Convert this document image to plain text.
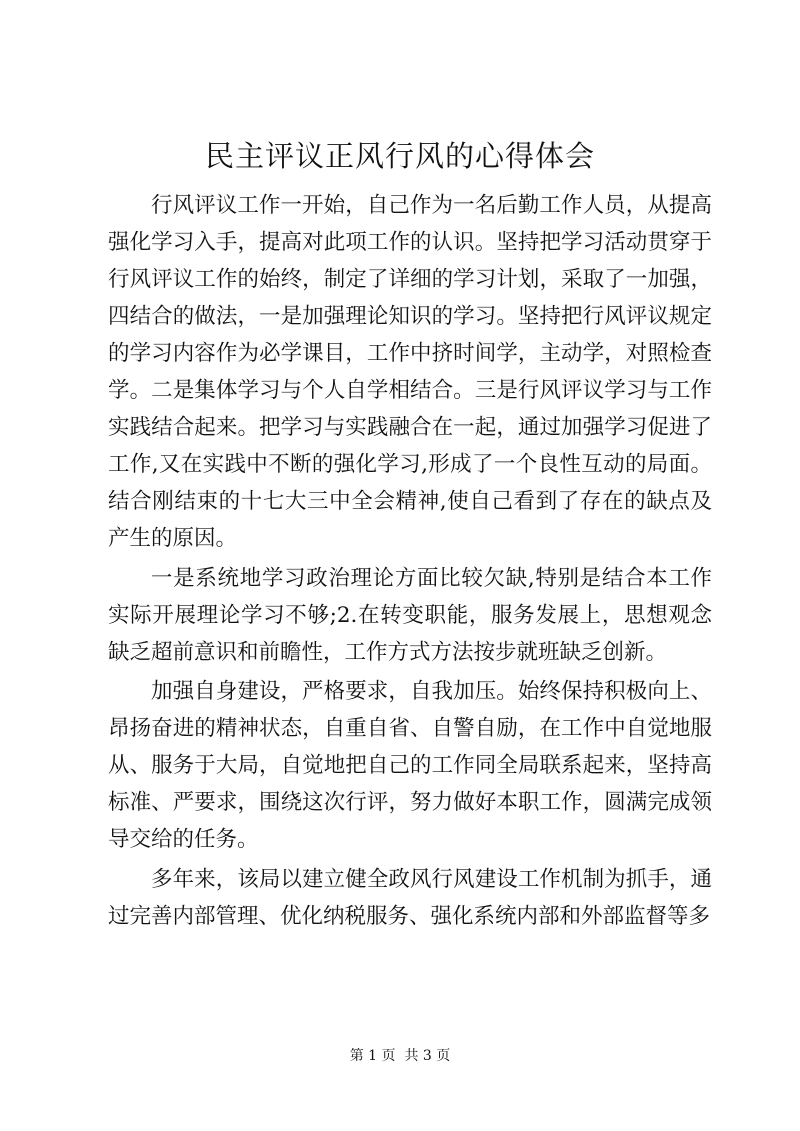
民主评议正风行风的心得体会

行风评议工作一开始，自己作为一名后勤工作人员，从提高强化学习入手，提高对此项工作的认识。坚持把学习活动贯穿于行风评议工作的始终，制定了详细的学习计划，采取了一加强，四结合的做法，一是加强理论知识的学习。坚持把行风评议规定的学习内容作为必学课目，工作中挤时间学，主动学，对照检查学。二是集体学习与个人自学相结合。三是行风评议学习与工作实践结合起来。把学习与实践融合在一起，通过加强学习促进了工作,又在实践中不断的强化学习,形成了一个良性互动的局面。结合刚结束的十七大三中全会精神,使自己看到了存在的缺点及产生的原因。

一是系统地学习政治理论方面比较欠缺,特别是结合本工作实际开展理论学习不够;2.在转变职能，服务发展上，思想观念缺乏超前意识和前瞻性，工作方式方法按步就班缺乏创新。

加强自身建设，严格要求，自我加压。始终保持积极向上、昂扬奋进的精神状态，自重自省、自警自励，在工作中自觉地服从、服务于大局，自觉地把自己的工作同全局联系起来，坚持高标准、严要求，围绕这次行评，努力做好本职工作，圆满完成领导交给的任务。

多年来，该局以建立健全政风行风建设工作机制为抓手，通过完善内部管理、优化纳税服务、强化系统内部和外部监督等多

第 1 页  共 3 页
